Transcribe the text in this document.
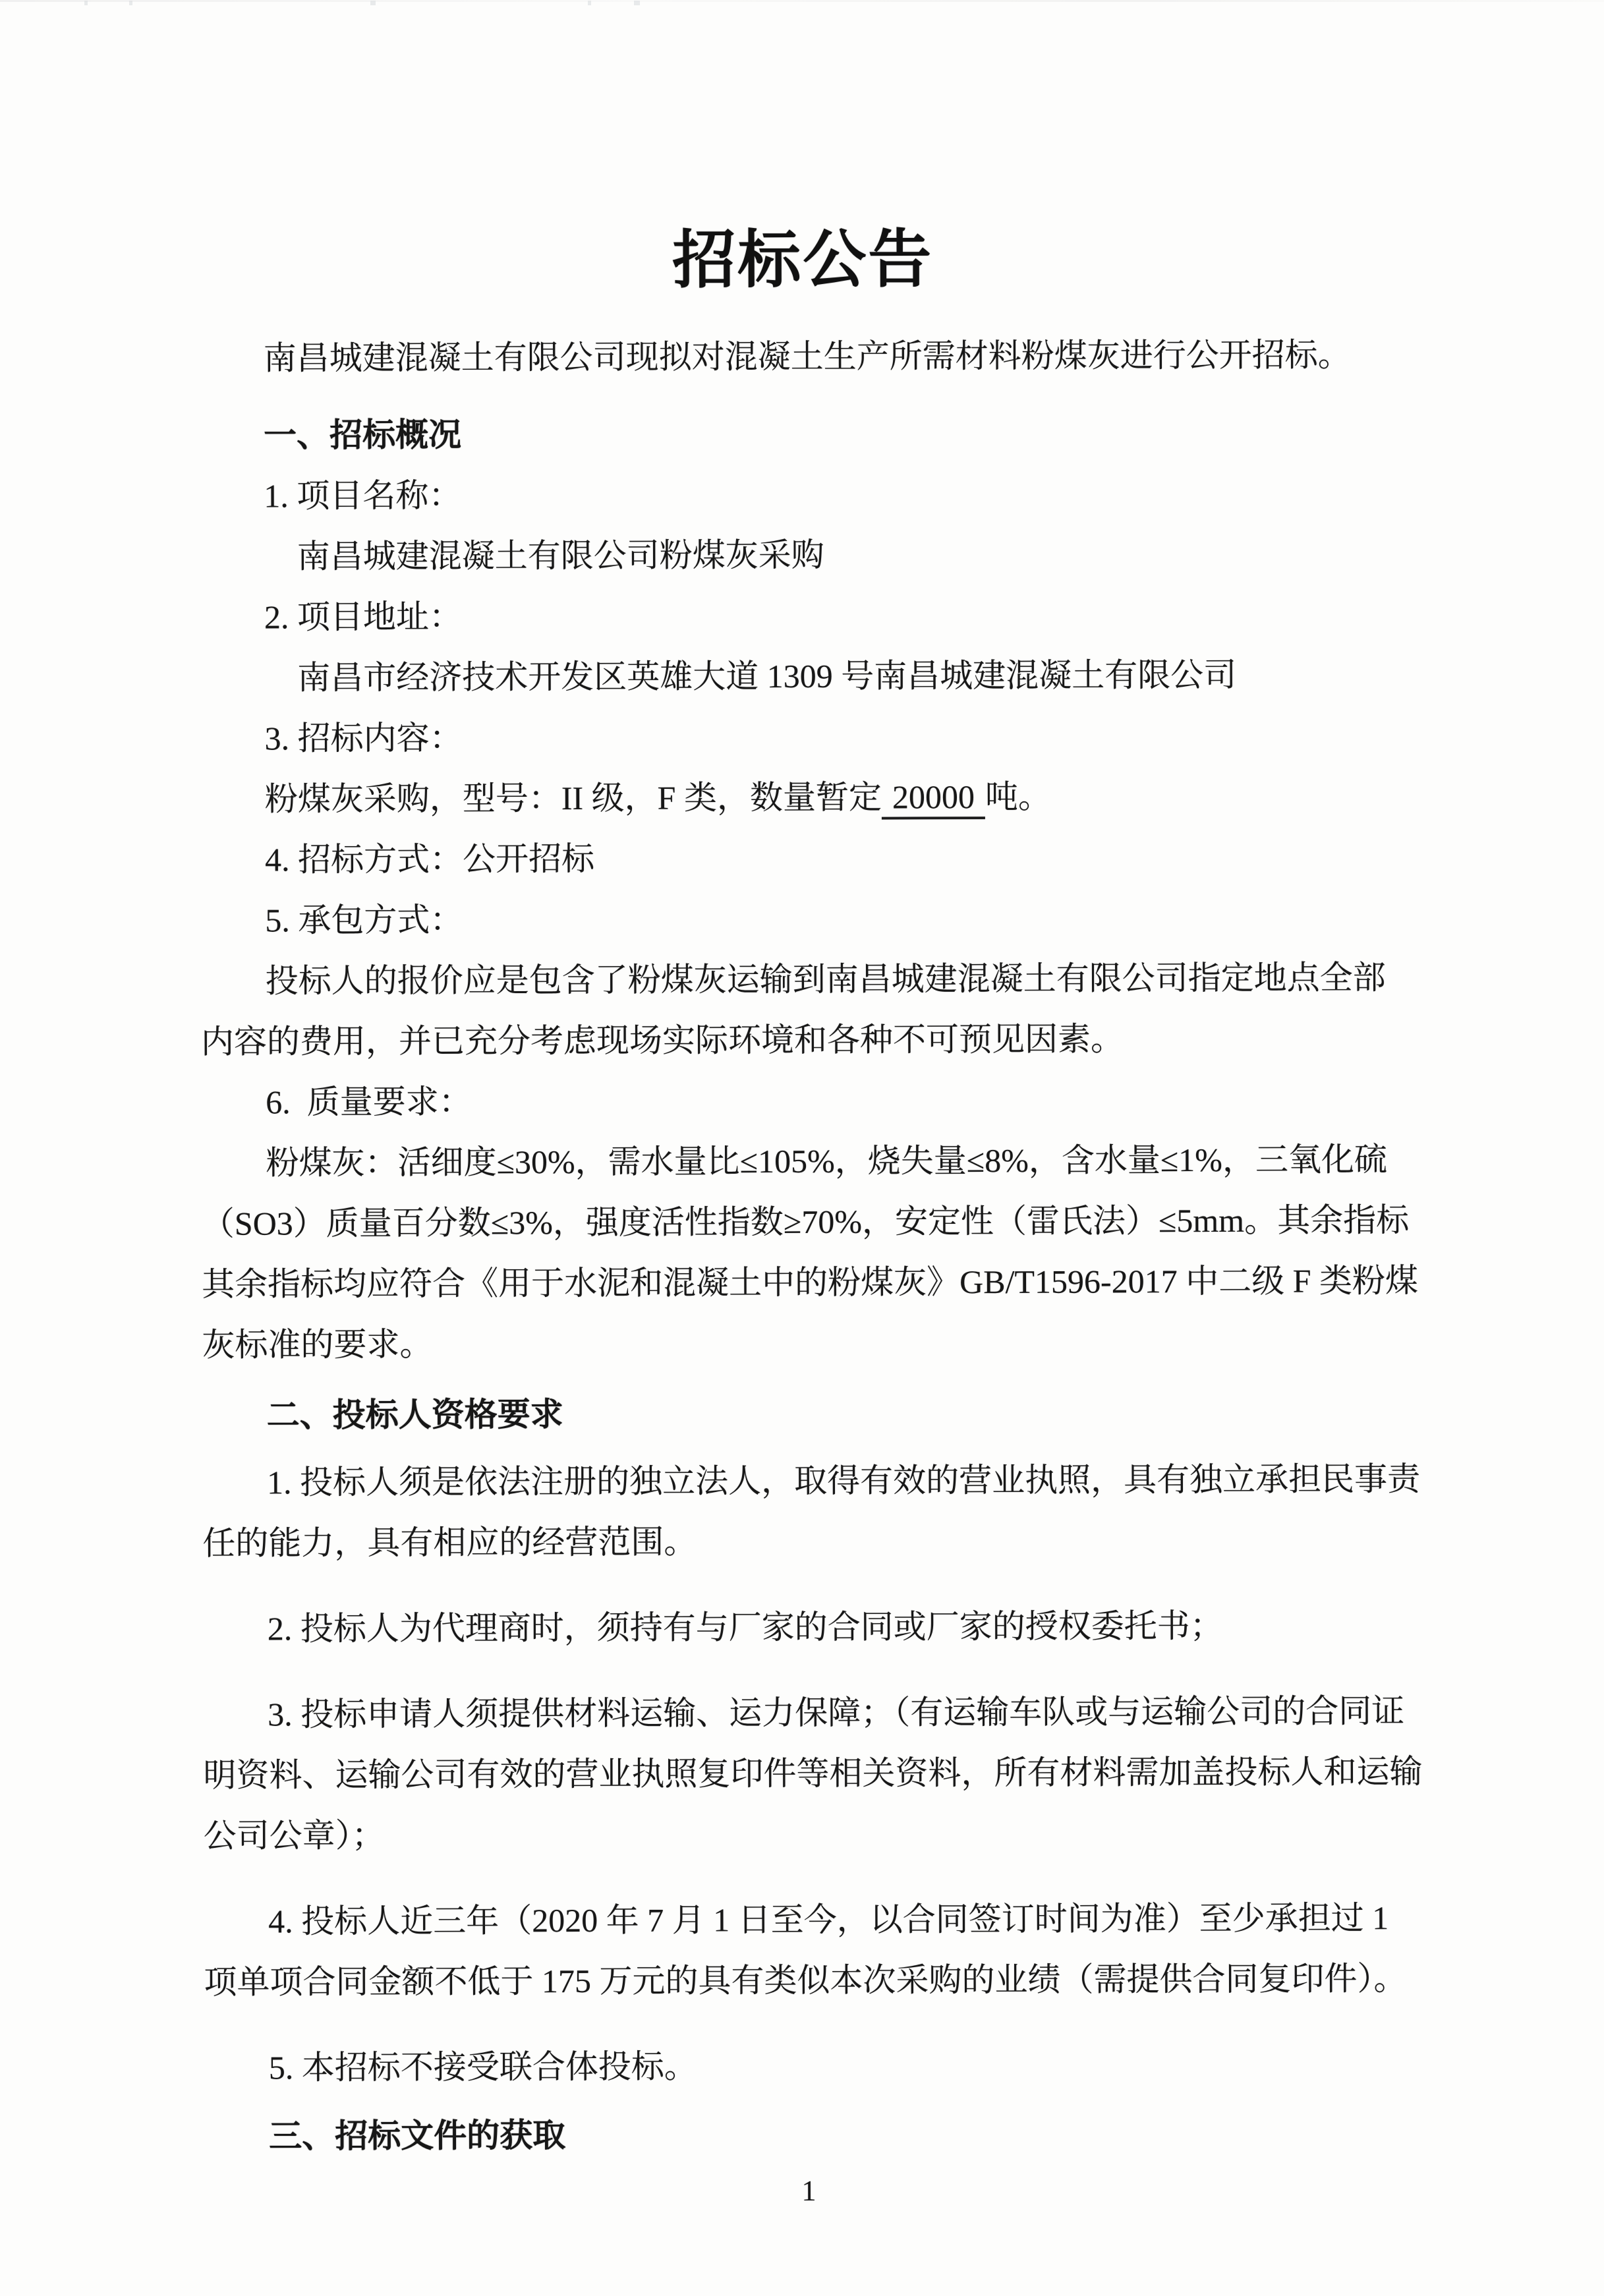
招标公告

南昌城建混凝土有限公司现拟对混凝土生产所需材料粉煤灰进行公开招标。

一、招标概况

1. 项目名称：

南昌城建混凝土有限公司粉煤灰采购

2. 项目地址：

南昌市经济技术开发区英雄大道 1309 号南昌城建混凝土有限公司

3. 招标内容：

粉煤灰采购，型号：II 级，F 类，数量暂定 20000 吨。

4. 招标方式：公开招标

5. 承包方式：

投标人的报价应是包含了粉煤灰运输到南昌城建混凝土有限公司指定地点全部

内容的费用，并已充分考虑现场实际环境和各种不可预见因素。

6.  质量要求：

粉煤灰：活细度≤30%，需水量比≤105%，烧失量≤8%，含水量≤1%，三氧化硫

（SO3）质量百分数≤3%，强度活性指数≥70%，安定性（雷氏法）≤5mm。其余指标

其余指标均应符合《用于水泥和混凝土中的粉煤灰》GB/T1596-2017 中二级 F 类粉煤

灰标准的要求。

二、投标人资格要求

1. 投标人须是依法注册的独立法人，取得有效的营业执照，具有独立承担民事责

任的能力，具有相应的经营范围。

2. 投标人为代理商时，须持有与厂家的合同或厂家的授权委托书；

3. 投标申请人须提供材料运输、运力保障；（有运输车队或与运输公司的合同证

明资料、运输公司有效的营业执照复印件等相关资料，所有材料需加盖投标人和运输

公司公章）；

4. 投标人近三年（2020 年 7 月 1 日至今，以合同签订时间为准）至少承担过 1

项单项合同金额不低于 175 万元的具有类似本次采购的业绩（需提供合同复印件）。

5. 本招标不接受联合体投标。

三、招标文件的获取

1
